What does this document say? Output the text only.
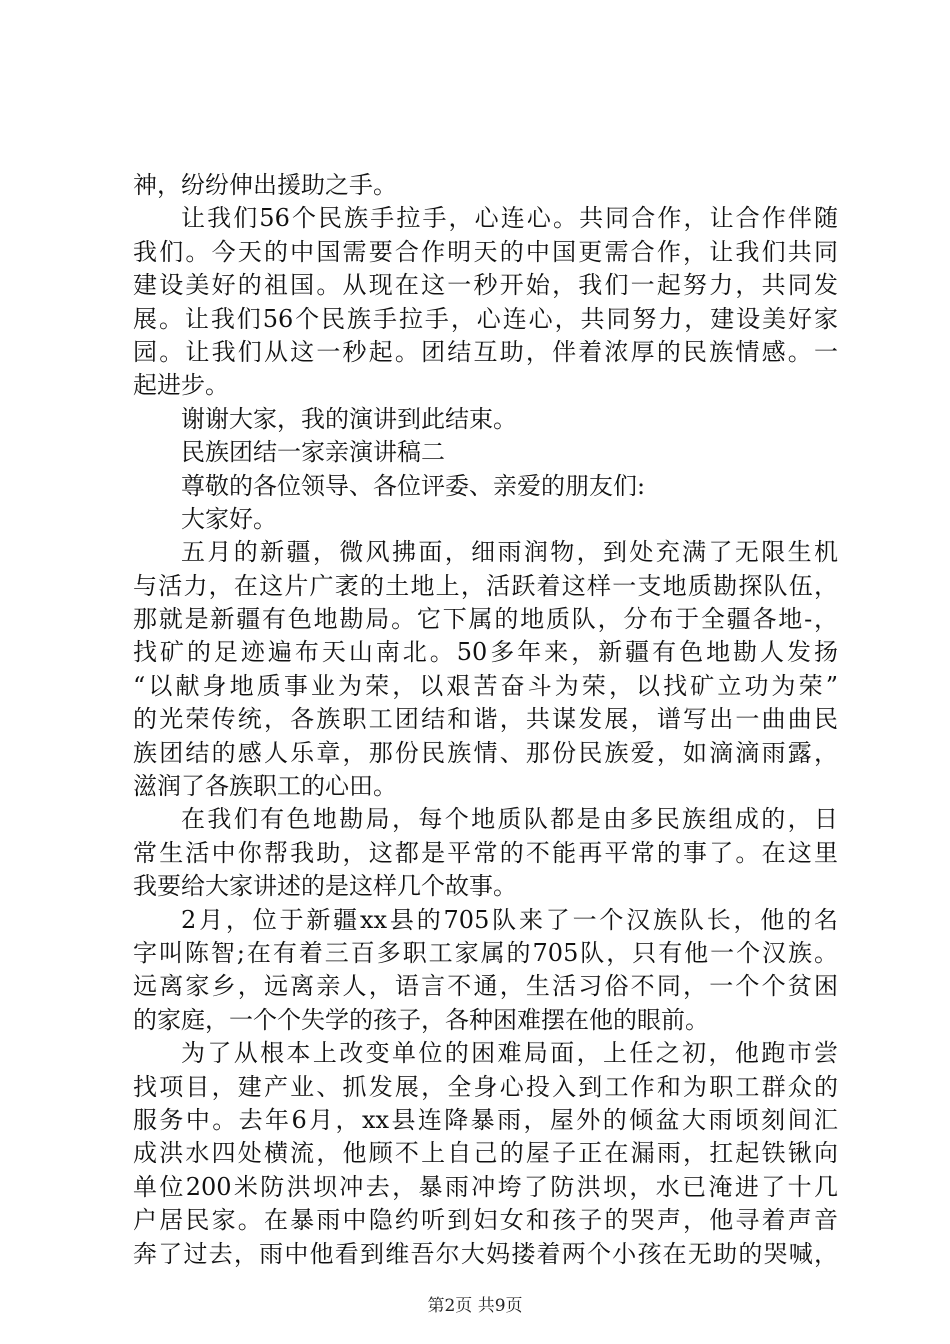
神，纷纷伸出援助之手。
让我们56个民族手拉手，心连心。共同合作，让合作伴随
我们。今天的中国需要合作明天的中国更需合作，让我们共同
建设美好的祖国。从现在这一秒开始，我们一起努力，共同发
展。让我们56个民族手拉手，心连心，共同努力，建设美好家
园。让我们从这一秒起。团结互助，伴着浓厚的民族情感。一
起进步。
谢谢大家，我的演讲到此结束。
民族团结一家亲演讲稿二
尊敬的各位领导、各位评委、亲爱的朋友们:
大家好。
五月的新疆，微风拂面，细雨润物，到处充满了无限生机
与活力，在这片广袤的土地上，活跃着这样一支地质勘探队伍，
那就是新疆有色地勘局。它下属的地质队，分布于全疆各地-，
找矿的足迹遍布天山南北。50多年来，新疆有色地勘人发扬
“以献身地质事业为荣，以艰苦奋斗为荣，以找矿立功为荣”
的光荣传统，各族职工团结和谐，共谋发展，谱写出一曲曲民
族团结的感人乐章，那份民族情、那份民族爱，如滴滴雨露，
滋润了各族职工的心田。
在我们有色地勘局，每个地质队都是由多民族组成的，日
常生活中你帮我助，这都是平常的不能再平常的事了。在这里
我要给大家讲述的是这样几个故事。
2月，位于新疆xx县的705队来了一个汉族队长，他的名
字叫陈智;在有着三百多职工家属的705队，只有他一个汉族。
远离家乡，远离亲人，语言不通，生活习俗不同，一个个贫困
的家庭，一个个失学的孩子，各种困难摆在他的眼前。
为了从根本上改变单位的困难局面，上任之初，他跑市尝
找项目，建产业、抓发展，全身心投入到工作和为职工群众的
服务中。去年6月，xx县连降暴雨，屋外的倾盆大雨顷刻间汇
成洪水四处横流，他顾不上自己的屋子正在漏雨，扛起铁锹向
单位200米防洪坝冲去，暴雨冲垮了防洪坝，水已淹进了十几
户居民家。在暴雨中隐约听到妇女和孩子的哭声，他寻着声音
奔了过去，雨中他看到维吾尔大妈搂着两个小孩在无助的哭喊，
第2页 共9页
